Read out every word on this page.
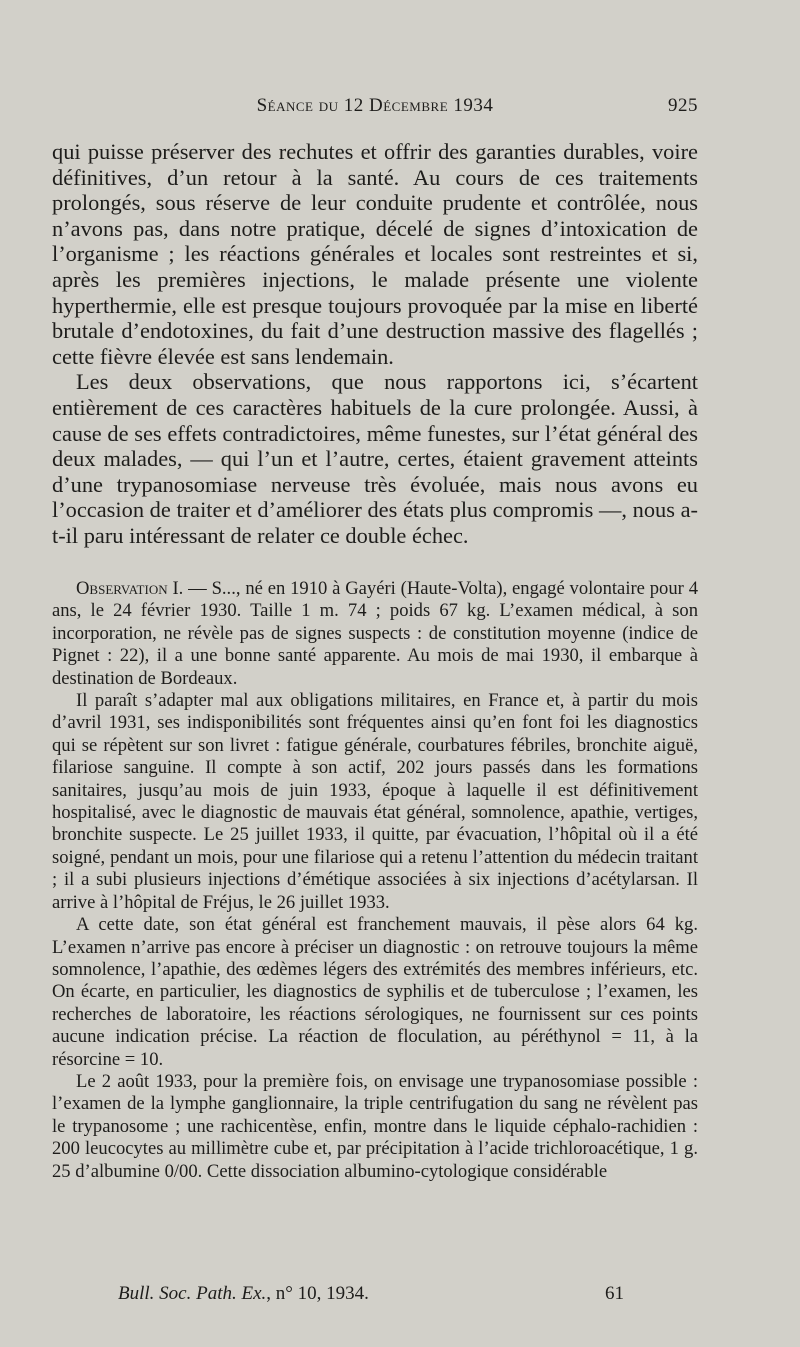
Séance du 12 Décembre 1934	925

qui puisse préserver des rechutes et offrir des garanties durables, voire définitives, d’un retour à la santé. Au cours de ces traitements prolongés, sous réserve de leur conduite prudente et contrôlée, nous n’avons pas, dans notre pratique, décelé de signes d’intoxication de l’organisme ; les réactions générales et locales sont restreintes et si, après les premières injections, le malade présente une violente hyperthermie, elle est presque toujours provoquée par la mise en liberté brutale d’endotoxines, du fait d’une destruction massive des flagellés ; cette fièvre élevée est sans lendemain.

Les deux observations, que nous rapportons ici, s’écartent entièrement de ces caractères habituels de la cure prolongée. Aussi, à cause de ses effets contradictoires, même funestes, sur l’état général des deux malades, — qui l’un et l’autre, certes, étaient gravement atteints d’une trypanosomiase nerveuse très évoluée, mais nous avons eu l’occasion de traiter et d’améliorer des états plus compromis —, nous a-t-il paru intéressant de relater ce double échec.

Observation I. — S..., né en 1910 à Gayéri (Haute-Volta), engagé volontaire pour 4 ans, le 24 février 1930. Taille 1 m. 74 ; poids 67 kg. L’examen médical, à son incorporation, ne révèle pas de signes suspects : de constitution moyenne (indice de Pignet : 22), il a une bonne santé apparente. Au mois de mai 1930, il embarque à destination de Bordeaux.

Il paraît s’adapter mal aux obligations militaires, en France et, à partir du mois d’avril 1931, ses indisponibilités sont fréquentes ainsi qu’en font foi les diagnostics qui se répètent sur son livret : fatigue générale, courbatures fébriles, bronchite aiguë, filariose sanguine. Il compte à son actif, 202 jours passés dans les formations sanitaires, jusqu’au mois de juin 1933, époque à laquelle il est définitivement hospitalisé, avec le diagnostic de mauvais état général, somnolence, apathie, vertiges, bronchite suspecte. Le 25 juillet 1933, il quitte, par évacuation, l’hôpital où il a été soigné, pendant un mois, pour une filariose qui a retenu l’attention du médecin traitant ; il a subi plusieurs injections d’émétique associées à six injections d’acétylarsan. Il arrive à l’hôpital de Fréjus, le 26 juillet 1933.

A cette date, son état général est franchement mauvais, il pèse alors 64 kg. L’examen n’arrive pas encore à préciser un diagnostic : on retrouve toujours la même somnolence, l’apathie, des œdèmes légers des extrémités des membres inférieurs, etc. On écarte, en particulier, les diagnostics de syphilis et de tuberculose ; l’examen, les recherches de laboratoire, les réactions sérologiques, ne fournissent sur ces points aucune indication précise. La réaction de floculation, au péréthynol = 11, à la résorcine = 10.

Le 2 août 1933, pour la première fois, on envisage une trypanosomiase possible : l’examen de la lymphe ganglionnaire, la triple centrifugation du sang ne révèlent pas le trypanosome ; une rachicentèse, enfin, montre dans le liquide céphalo-rachidien : 200 leucocytes au millimètre cube et, par précipitation à l’acide trichloroacétique, 1 g. 25 d’albumine 0/00. Cette dissociation albumino-cytologique considérable

Bull. Soc. Path. Ex., n° 10, 1934.	61
